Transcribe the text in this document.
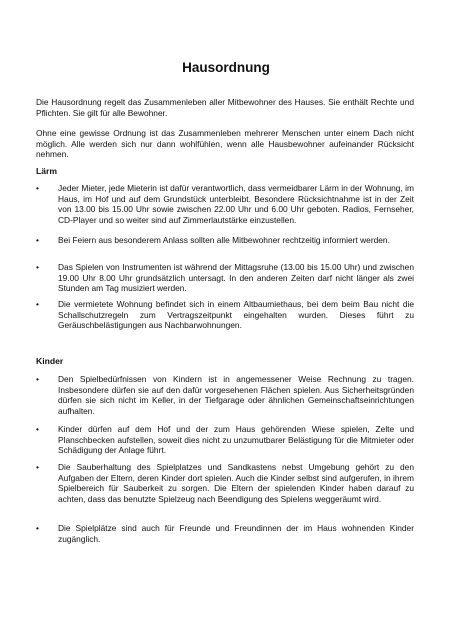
Hausordnung

Die Hausordnung regelt das Zusammenleben aller Mitbewohner des Hauses. Sie enthält Rechte und Pflichten. Sie gilt für alle Bewohner.

Ohne eine gewisse Ordnung ist das Zusammenleben mehrerer Menschen unter einem Dach nicht möglich. Alle werden sich nur dann wohlfühlen, wenn alle Hausbewohner aufeinander Rücksicht nehmen.

Lärm
•	Jeder Mieter, jede Mieterin ist dafür verantwortlich, dass vermeidbarer Lärm in der Wohnung, im Haus, im Hof und auf dem Grundstück unterbleibt. Besondere Rücksichtnahme ist in der Zeit von 13.00 bis 15.00 Uhr sowie zwischen 22.00 Uhr und 6.00 Uhr geboten. Radios, Fernseher, CD-Player und so weiter sind auf Zimmerlautstärke einzustellen.
•	Bei Feiern aus besonderem Anlass sollten alle Mitbewohner rechtzeitig informiert werden.
•	Das Spielen von Instrumenten ist während der Mittagsruhe (13.00 bis 15.00 Uhr) und zwischen 19.00 Uhr 8.00 Uhr grundsätzlich untersagt. In den anderen Zeiten darf nicht länger als zwei Stunden am Tag musiziert werden.
•	Die vermietete Wohnung befindet sich in einem Altbaumiethaus, bei dem beim Bau nicht die Schallschutzregeln zum Vertragszeitpunkt eingehalten wurden. Dieses führt zu Geräuschbelästigungen aus Nachbarwohnungen.
Kinder
•	Den Spielbedürfnissen von Kindern ist in angemessener Weise Rechnung zu tragen. Insbesondere dürfen sie auf den dafür vorgesehenen Flächen spielen. Aus Sicherheitsgründen dürfen sie sich nicht im Keller, in der Tiefgarage oder ähnlichen Gemeinschaftseinrichtungen aufhalten.
•	Kinder dürfen auf dem Hof und der zum Haus gehörenden Wiese spielen, Zelte und Planschbecken aufstellen, soweit dies nicht zu unzumutbarer Belästigung für die Mitmieter oder Schädigung der Anlage führt.
•	Die Sauberhaltung des Spielplatzes und Sandkastens nebst Umgebung gehört zu den Aufgaben der Eltern, deren Kinder dort spielen. Auch die Kinder selbst sind aufgerufen, in ihrem Spielbereich für Sauberkeit zu sorgen. Die Eltern der spielenden Kinder haben darauf zu achten, dass das benutzte Spielzeug nach Beendigung des Spielens weggeräumt wird.
•	Die Spielplätze sind auch für Freunde und Freundinnen der im Haus wohnenden Kinder zugänglich.
